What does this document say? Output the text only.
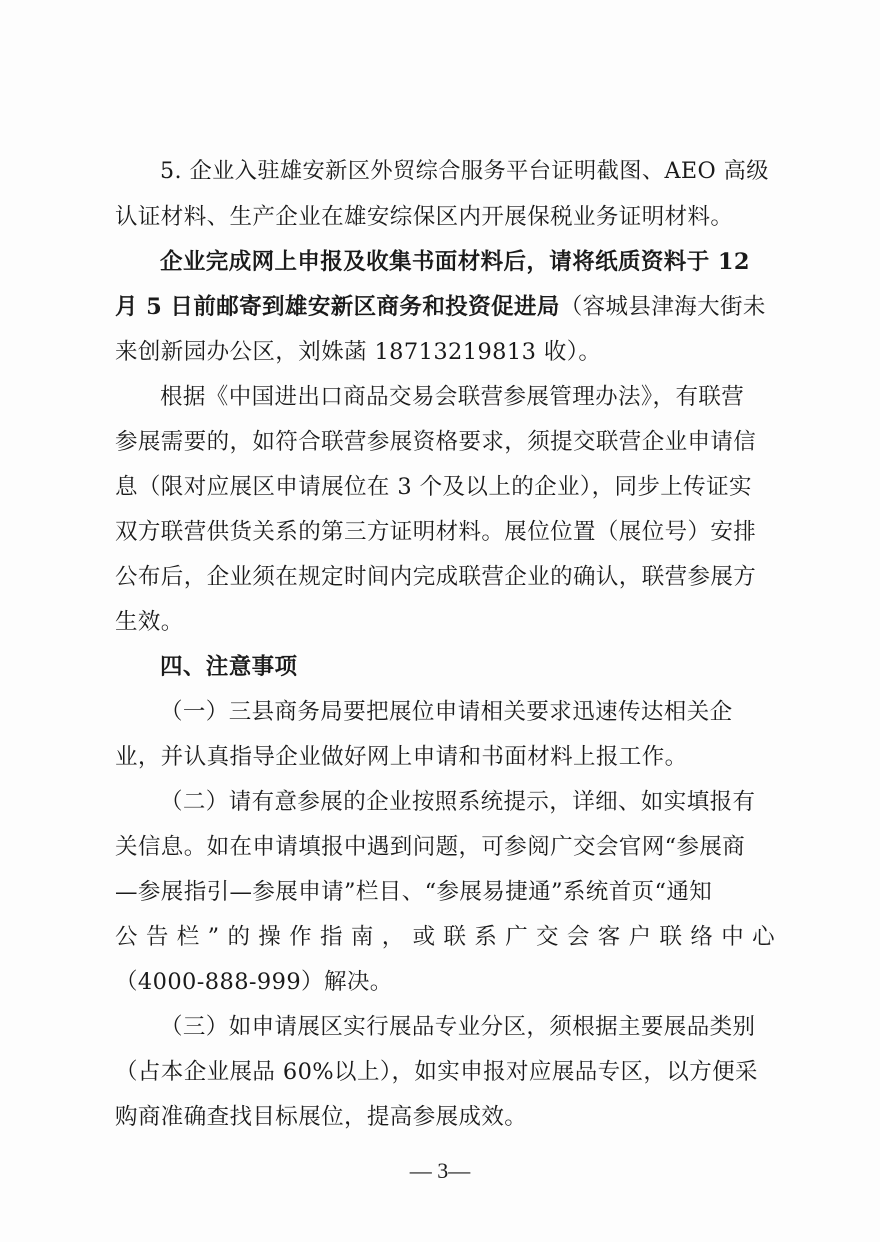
5. 企业入驻雄安新区外贸综合服务平台证明截图、AEO 高级
认证材料、生产企业在雄安综保区内开展保税业务证明材料。
企业完成网上申报及收集书面材料后，请将纸质资料于 12
月 5 日前邮寄到雄安新区商务和投资促进局（容城县津海大街未
来创新园办公区，刘姝菡 18713219813 收）。
根据《中国进出口商品交易会联营参展管理办法》，有联营
参展需要的，如符合联营参展资格要求，须提交联营企业申请信
息（限对应展区申请展位在 3 个及以上的企业），同步上传证实
双方联营供货关系的第三方证明材料。展位位置（展位号）安排
公布后，企业须在规定时间内完成联营企业的确认，联营参展方
生效。
四、注意事项
（一）三县商务局要把展位申请相关要求迅速传达相关企
业，并认真指导企业做好网上申请和书面材料上报工作。
（二）请有意参展的企业按照系统提示，详细、如实填报有
关信息。如在申请填报中遇到问题，可参阅广交会官网“参展商
—参展指引—参展申请”栏目、“参展易捷通”系统首页“通知
公告栏”的操作指南，或联系广交会客户联络中心
（4000-888-999）解决。
（三）如申请展区实行展品专业分区，须根据主要展品类别
（占本企业展品 60%以上），如实申报对应展品专区，以方便采
购商准确查找目标展位，提高参展成效。
— 3—
